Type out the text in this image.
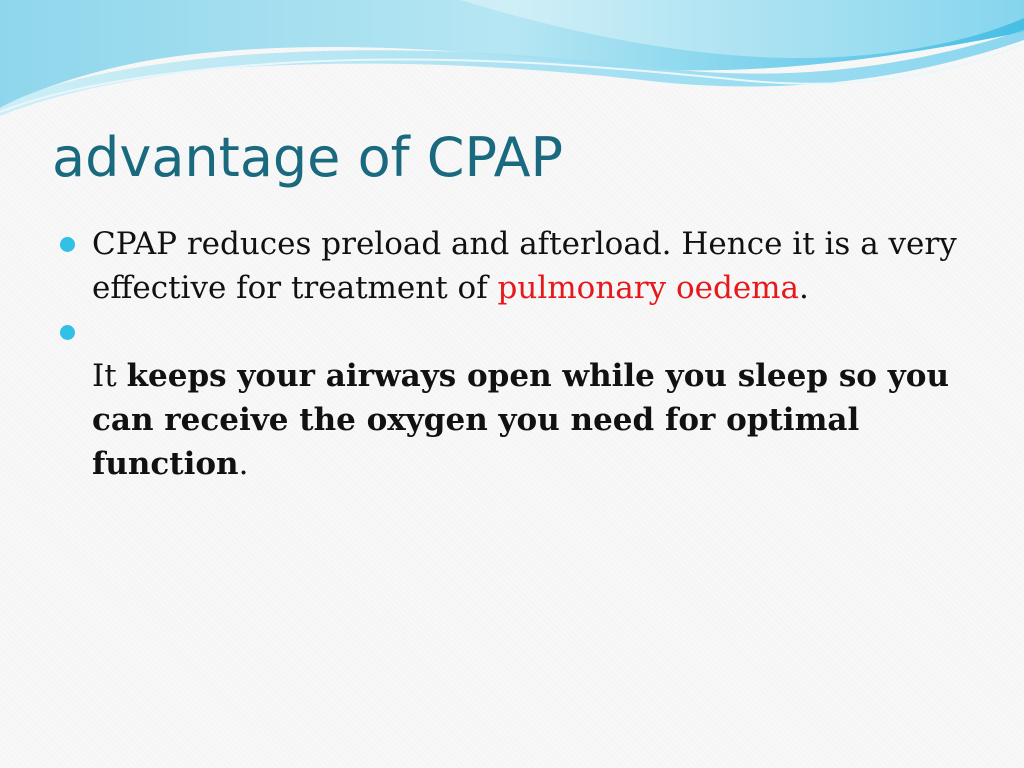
advantage of CPAP

CPAP reduces preload and afterload. Hence it is a very effective for treatment of pulmonary oedema.

It keeps your airways open while you sleep so you can receive the oxygen you need for optimal function.
